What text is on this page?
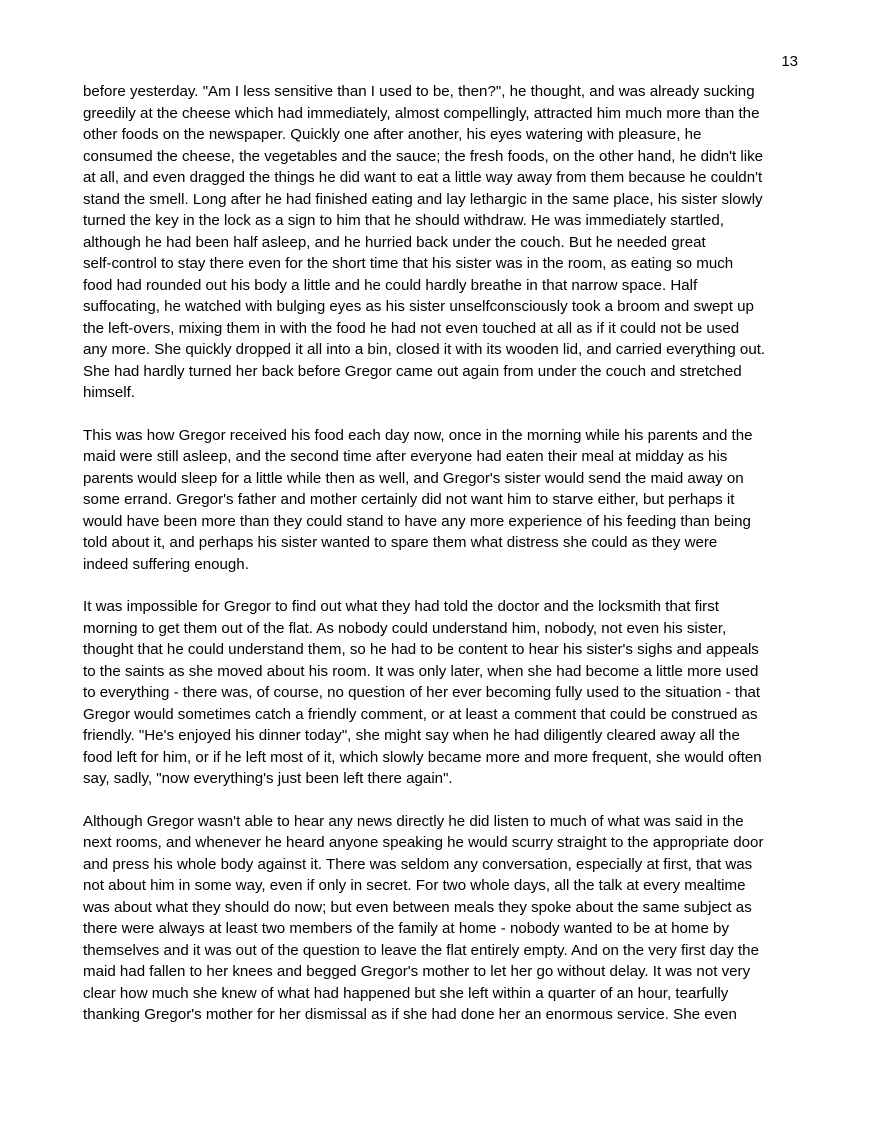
13

before yesterday. "Am I less sensitive than I used to be, then?", he thought, and was already sucking
greedily at the cheese which had immediately, almost compellingly, attracted him much more than the
other foods on the newspaper. Quickly one after another, his eyes watering with pleasure, he
consumed the cheese, the vegetables and the sauce; the fresh foods, on the other hand, he didn't like
at all, and even dragged the things he did want to eat a little way away from them because he couldn't
stand the smell. Long after he had finished eating and lay lethargic in the same place, his sister slowly
turned the key in the lock as a sign to him that he should withdraw. He was immediately startled,
although he had been half asleep, and he hurried back under the couch. But he needed great
self-control to stay there even for the short time that his sister was in the room, as eating so much
food had rounded out his body a little and he could hardly breathe in that narrow space. Half
suffocating, he watched with bulging eyes as his sister unselfconsciously took a broom and swept up
the left-overs, mixing them in with the food he had not even touched at all as if it could not be used
any more. She quickly dropped it all into a bin, closed it with its wooden lid, and carried everything out.
She had hardly turned her back before Gregor came out again from under the couch and stretched
himself.

This was how Gregor received his food each day now, once in the morning while his parents and the
maid were still asleep, and the second time after everyone had eaten their meal at midday as his
parents would sleep for a little while then as well, and Gregor's sister would send the maid away on
some errand. Gregor's father and mother certainly did not want him to starve either, but perhaps it
would have been more than they could stand to have any more experience of his feeding than being
told about it, and perhaps his sister wanted to spare them what distress she could as they were
indeed suffering enough.

It was impossible for Gregor to find out what they had told the doctor and the locksmith that first
morning to get them out of the flat. As nobody could understand him, nobody, not even his sister,
thought that he could understand them, so he had to be content to hear his sister's sighs and appeals
to the saints as she moved about his room. It was only later, when she had become a little more used
to everything - there was, of course, no question of her ever becoming fully used to the situation - that
Gregor would sometimes catch a friendly comment, or at least a comment that could be construed as
friendly. "He's enjoyed his dinner today", she might say when he had diligently cleared away all the
food left for him, or if he left most of it, which slowly became more and more frequent, she would often
say, sadly, "now everything's just been left there again".

Although Gregor wasn't able to hear any news directly he did listen to much of what was said in the
next rooms, and whenever he heard anyone speaking he would scurry straight to the appropriate door
and press his whole body against it. There was seldom any conversation, especially at first, that was
not about him in some way, even if only in secret. For two whole days, all the talk at every mealtime
was about what they should do now; but even between meals they spoke about the same subject as
there were always at least two members of the family at home - nobody wanted to be at home by
themselves and it was out of the question to leave the flat entirely empty. And on the very first day the
maid had fallen to her knees and begged Gregor's mother to let her go without delay. It was not very
clear how much she knew of what had happened but she left within a quarter of an hour, tearfully
thanking Gregor's mother for her dismissal as if she had done her an enormous service. She even
